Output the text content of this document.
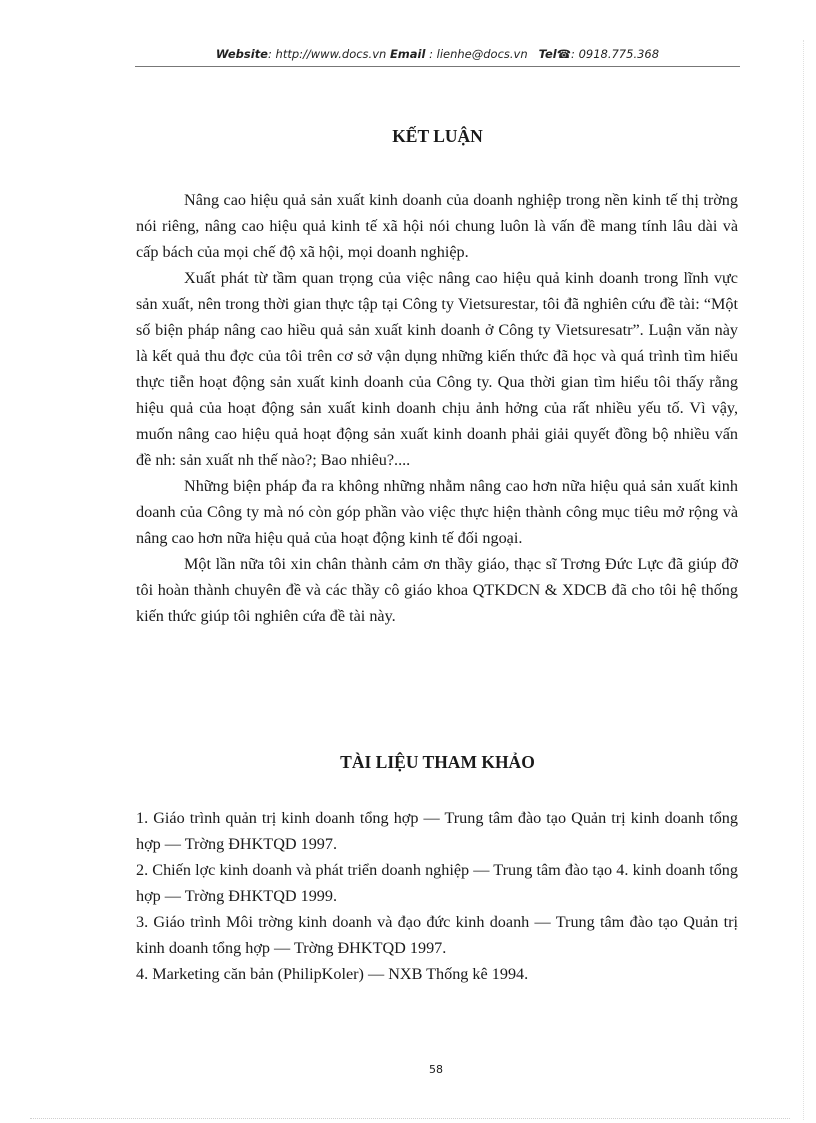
Website: http://www.docs.vn Email : lienhe@docs.vn Tel☎: 0918.775.368
KẾT LUẬN

Nâng cao hiệu quả sản xuất kinh doanh của doanh nghiệp trong nền kinh tế thị trờng nói riêng, nâng cao hiệu quả kinh tế xã hội nói chung luôn là vấn đề mang tính lâu dài và cấp bách của mọi chế độ xã hội, mọi doanh nghiệp.

Xuất phát từ tầm quan trọng của việc nâng cao hiệu quả kinh doanh trong lĩnh vực sản xuất, nên trong thời gian thực tập tại Công ty Vietsurestar, tôi đã nghiên cứu đề tài: “Một số biện pháp nâng cao hiều quả sản xuất kinh doanh ở Công ty Vietsuresatr”. Luận văn này là kết quả thu đợc của tôi trên cơ sở vận dụng những kiến thức đã học và quá trình tìm hiểu thực tiễn hoạt động sản xuất kinh doanh của Công ty. Qua thời gian tìm hiểu tôi thấy rằng hiệu quả của hoạt động sản xuất kinh doanh chịu ảnh hởng của rất nhiều yếu tố. Vì vậy, muốn nâng cao hiệu quả hoạt động sản xuất kinh doanh phải giải quyết đồng bộ nhiều vấn đề nh: sản xuất nh thế nào?; Bao nhiêu?....

Những biện pháp đa ra không những nhằm nâng cao hơn nữa hiệu quả sản xuất kinh doanh của Công ty mà nó còn góp phần vào việc thực hiện thành công mục tiêu mở rộng và nâng cao hơn nữa hiệu quả của hoạt động kinh tế đối ngoại.

Một lần nữa tôi xin chân thành cảm ơn thầy giáo, thạc sĩ Trơng Đức Lực đã giúp đỡ tôi hoàn thành chuyên đề và các thầy cô giáo khoa QTKDCN & XDCB đã cho tôi hệ thống kiến thức giúp tôi nghiên cứa đề tài này.

TÀI LIỆU THAM KHẢO

1. Giáo trình quản trị kinh doanh tổng hợp — Trung tâm đào tạo Quản trị kinh doanh tổng hợp — Trờng ĐHKTQD 1997.

2. Chiến lợc kinh doanh và phát triển doanh nghiệp — Trung tâm đào tạo 4. kinh doanh tổng hợp — Trờng ĐHKTQD 1999.

3. Giáo trình Môi trờng kinh doanh và đạo đức kinh doanh — Trung tâm đào tạo Quản trị kinh doanh tổng hợp — Trờng ĐHKTQD 1997.

4. Marketing căn bản (PhilipKoler) — NXB Thống kê 1994.

58
